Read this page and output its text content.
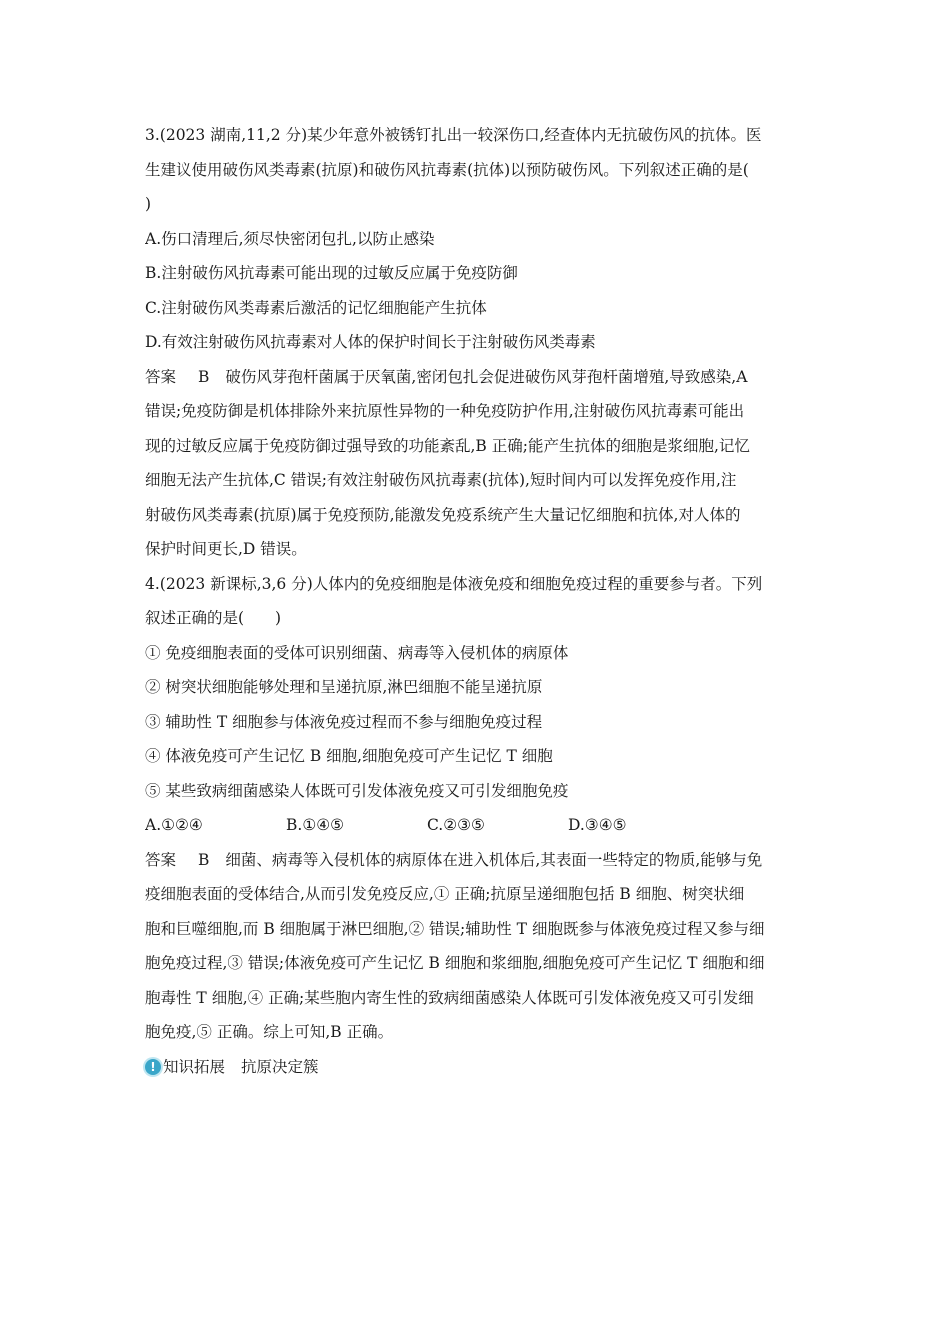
3.(2023 湖南,11,2 分)某少年意外被锈钉扎出一较深伤口,经查体内无抗破伤风的抗体。医
生建议使用破伤风类毒素(抗原)和破伤风抗毒素(抗体)以预防破伤风。下列叙述正确的是(
)
A.伤口清理后,须尽快密闭包扎,以防止感染
B.注射破伤风抗毒素可能出现的过敏反应属于免疫防御
C.注射破伤风类毒素后激活的记忆细胞能产生抗体
D.有效注射破伤风抗毒素对人体的保护时间长于注射破伤风类毒素
答案 B 破伤风芽孢杆菌属于厌氧菌,密闭包扎会促进破伤风芽孢杆菌增殖,导致感染,A
错误;免疫防御是机体排除外来抗原性异物的一种免疫防护作用,注射破伤风抗毒素可能出
现的过敏反应属于免疫防御过强导致的功能紊乱,B 正确;能产生抗体的细胞是浆细胞,记忆
细胞无法产生抗体,C 错误;有效注射破伤风抗毒素(抗体),短时间内可以发挥免疫作用,注
射破伤风类毒素(抗原)属于免疫预防,能激发免疫系统产生大量记忆细胞和抗体,对人体的
保护时间更长,D 错误。
4.(2023 新课标,3,6 分)人体内的免疫细胞是体液免疫和细胞免疫过程的重要参与者。下列
叙述正确的是(　　)
① 免疫细胞表面的受体可识别细菌、病毒等入侵机体的病原体
② 树突状细胞能够处理和呈递抗原,淋巴细胞不能呈递抗原
③ 辅助性 T 细胞参与体液免疫过程而不参与细胞免疫过程
④ 体液免疫可产生记忆 B 细胞,细胞免疫可产生记忆 T 细胞
⑤ 某些致病细菌感染人体既可引发体液免疫又可引发细胞免疫
A.①②④	B.①④⑤	C.②③⑤	D.③④⑤
答案 B 细菌、病毒等入侵机体的病原体在进入机体后,其表面一些特定的物质,能够与免
疫细胞表面的受体结合,从而引发免疫反应,① 正确;抗原呈递细胞包括 B 细胞、树突状细
胞和巨噬细胞,而 B 细胞属于淋巴细胞,② 错误;辅助性 T 细胞既参与体液免疫过程又参与细
胞免疫过程,③ 错误;体液免疫可产生记忆 B 细胞和浆细胞,细胞免疫可产生记忆 T 细胞和细
胞毒性 T 细胞,④ 正确;某些胞内寄生性的致病细菌感染人体既可引发体液免疫又可引发细
胞免疫,⑤ 正确。综上可知,B 正确。
! 知识拓展 抗原决定簇
